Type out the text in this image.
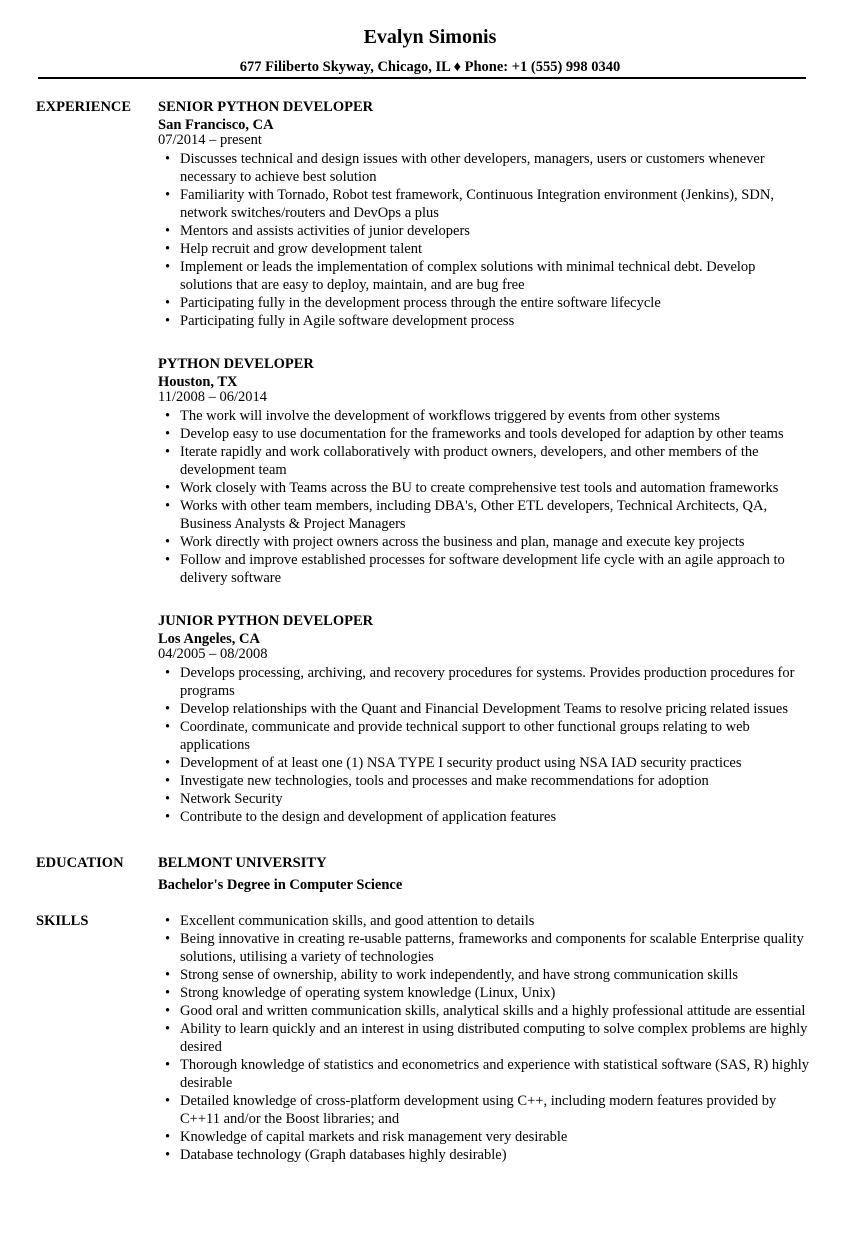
Evalyn Simonis
677 Filiberto Skyway, Chicago, IL ♦ Phone: +1 (555) 998 0340
EXPERIENCE	SENIOR PYTHON DEVELOPER
San Francisco, CA
07/2014 – present
• Discusses technical and design issues with other developers, managers, users or customers whenever necessary to achieve best solution
• Familiarity with Tornado, Robot test framework, Continuous Integration environment (Jenkins), SDN, network switches/routers and DevOps a plus
• Mentors and assists activities of junior developers
• Help recruit and grow development talent
• Implement or leads the implementation of complex solutions with minimal technical debt. Develop solutions that are easy to deploy, maintain, and are bug free
• Participating fully in the development process through the entire software lifecycle
• Participating fully in Agile software development process
PYTHON DEVELOPER
Houston, TX
11/2008 – 06/2014
• The work will involve the development of workflows triggered by events from other systems
• Develop easy to use documentation for the frameworks and tools developed for adaption by other teams
• Iterate rapidly and work collaboratively with product owners, developers, and other members of the development team
• Work closely with Teams across the BU to create comprehensive test tools and automation frameworks
• Works with other team members, including DBA's, Other ETL developers, Technical Architects, QA, Business Analysts & Project Managers
• Work directly with project owners across the business and plan, manage and execute key projects
• Follow and improve established processes for software development life cycle with an agile approach to delivery software
JUNIOR PYTHON DEVELOPER
Los Angeles, CA
04/2005 – 08/2008
• Develops processing, archiving, and recovery procedures for systems. Provides production procedures for programs
• Develop relationships with the Quant and Financial Development Teams to resolve pricing related issues
• Coordinate, communicate and provide technical support to other functional groups relating to web applications
• Development of at least one (1) NSA TYPE I security product using NSA IAD security practices
• Investigate new technologies, tools and processes and make recommendations for adoption
• Network Security
• Contribute to the design and development of application features
EDUCATION	BELMONT UNIVERSITY
Bachelor's Degree in Computer Science
SKILLS	• Excellent communication skills, and good attention to details
• Being innovative in creating re-usable patterns, frameworks and components for scalable Enterprise quality solutions, utilising a variety of technologies
• Strong sense of ownership, ability to work independently, and have strong communication skills
• Strong knowledge of operating system knowledge (Linux, Unix)
• Good oral and written communication skills, analytical skills and a highly professional attitude are essential
• Ability to learn quickly and an interest in using distributed computing to solve complex problems are highly desired
• Thorough knowledge of statistics and econometrics and experience with statistical software (SAS, R) highly desirable
• Detailed knowledge of cross-platform development using C++, including modern features provided by C++11 and/or the Boost libraries; and
• Knowledge of capital markets and risk management very desirable
• Database technology (Graph databases highly desirable)
